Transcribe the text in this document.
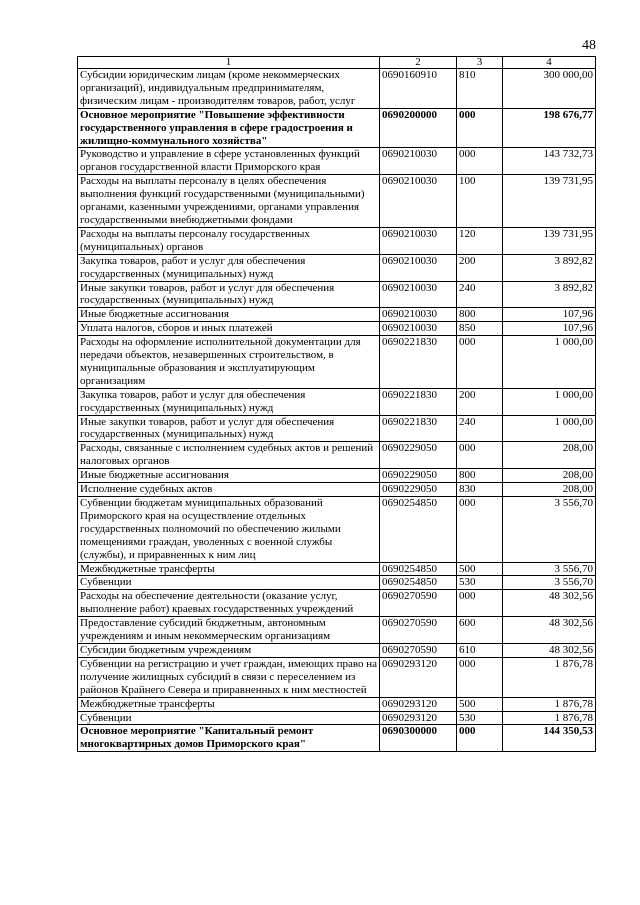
48
1	2	3	4
Субсидии юридическим лицам (кроме некоммерческих организаций), индивидуальным предпринимателям, физическим лицам - производителям товаров, работ, услуг	0690160910	810	300 000,00
Основное мероприятие "Повышение эффективности государственного управления в сфере градостроения и жилищно-коммунального хозяйства"	0690200000	000	198 676,77
Руководство и управление в сфере установленных функций органов государственной власти Приморского края	0690210030	000	143 732,73
Расходы на выплаты персоналу в целях обеспечения выполнения функций государственными (муниципальными) органами, казенными учреждениями, органами управления государственными внебюджетными фондами	0690210030	100	139 731,95
Расходы на выплаты персоналу государственных (муниципальных) органов	0690210030	120	139 731,95
Закупка товаров, работ и услуг для обеспечения государственных (муниципальных) нужд	0690210030	200	3 892,82
Иные закупки товаров, работ и услуг для обеспечения государственных (муниципальных) нужд	0690210030	240	3 892,82
Иные бюджетные ассигнования	0690210030	800	107,96
Уплата налогов, сборов и иных платежей	0690210030	850	107,96
Расходы на оформление исполнительной документации для передачи объектов, незавершенных строительством, в муниципальные образования и эксплуатирующим организациям	0690221830	000	1 000,00
Закупка товаров, работ и услуг для обеспечения государственных (муниципальных) нужд	0690221830	200	1 000,00
Иные закупки товаров, работ и услуг для обеспечения государственных (муниципальных) нужд	0690221830	240	1 000,00
Расходы, связанные с исполнением судебных актов и решений налоговых органов	0690229050	000	208,00
Иные бюджетные ассигнования	0690229050	800	208,00
Исполнение судебных актов	0690229050	830	208,00
Субвенции бюджетам муниципальных образований Приморского края на осуществление отдельных государственных полномочий по обеспечению жилыми помещениями граждан, уволенных с военной службы (службы), и приравненных к ним лиц	0690254850	000	3 556,70
Межбюджетные трансферты	0690254850	500	3 556,70
Субвенции	0690254850	530	3 556,70
Расходы на обеспечение деятельности (оказание услуг, выполнение работ) краевых государственных учреждений	0690270590	000	48 302,56
Предоставление субсидий бюджетным, автономным учреждениям и иным некоммерческим организациям	0690270590	600	48 302,56
Субсидии бюджетным учреждениям	0690270590	610	48 302,56
Субвенции на регистрацию и учет граждан, имеющих право на получение жилищных субсидий в связи с переселением из районов Крайнего Севера и приравненных к ним местностей	0690293120	000	1 876,78
Межбюджетные трансферты	0690293120	500	1 876,78
Субвенции	0690293120	530	1 876,78
Основное мероприятие "Капитальный ремонт многоквартирных домов Приморского края"	0690300000	000	144 350,53
